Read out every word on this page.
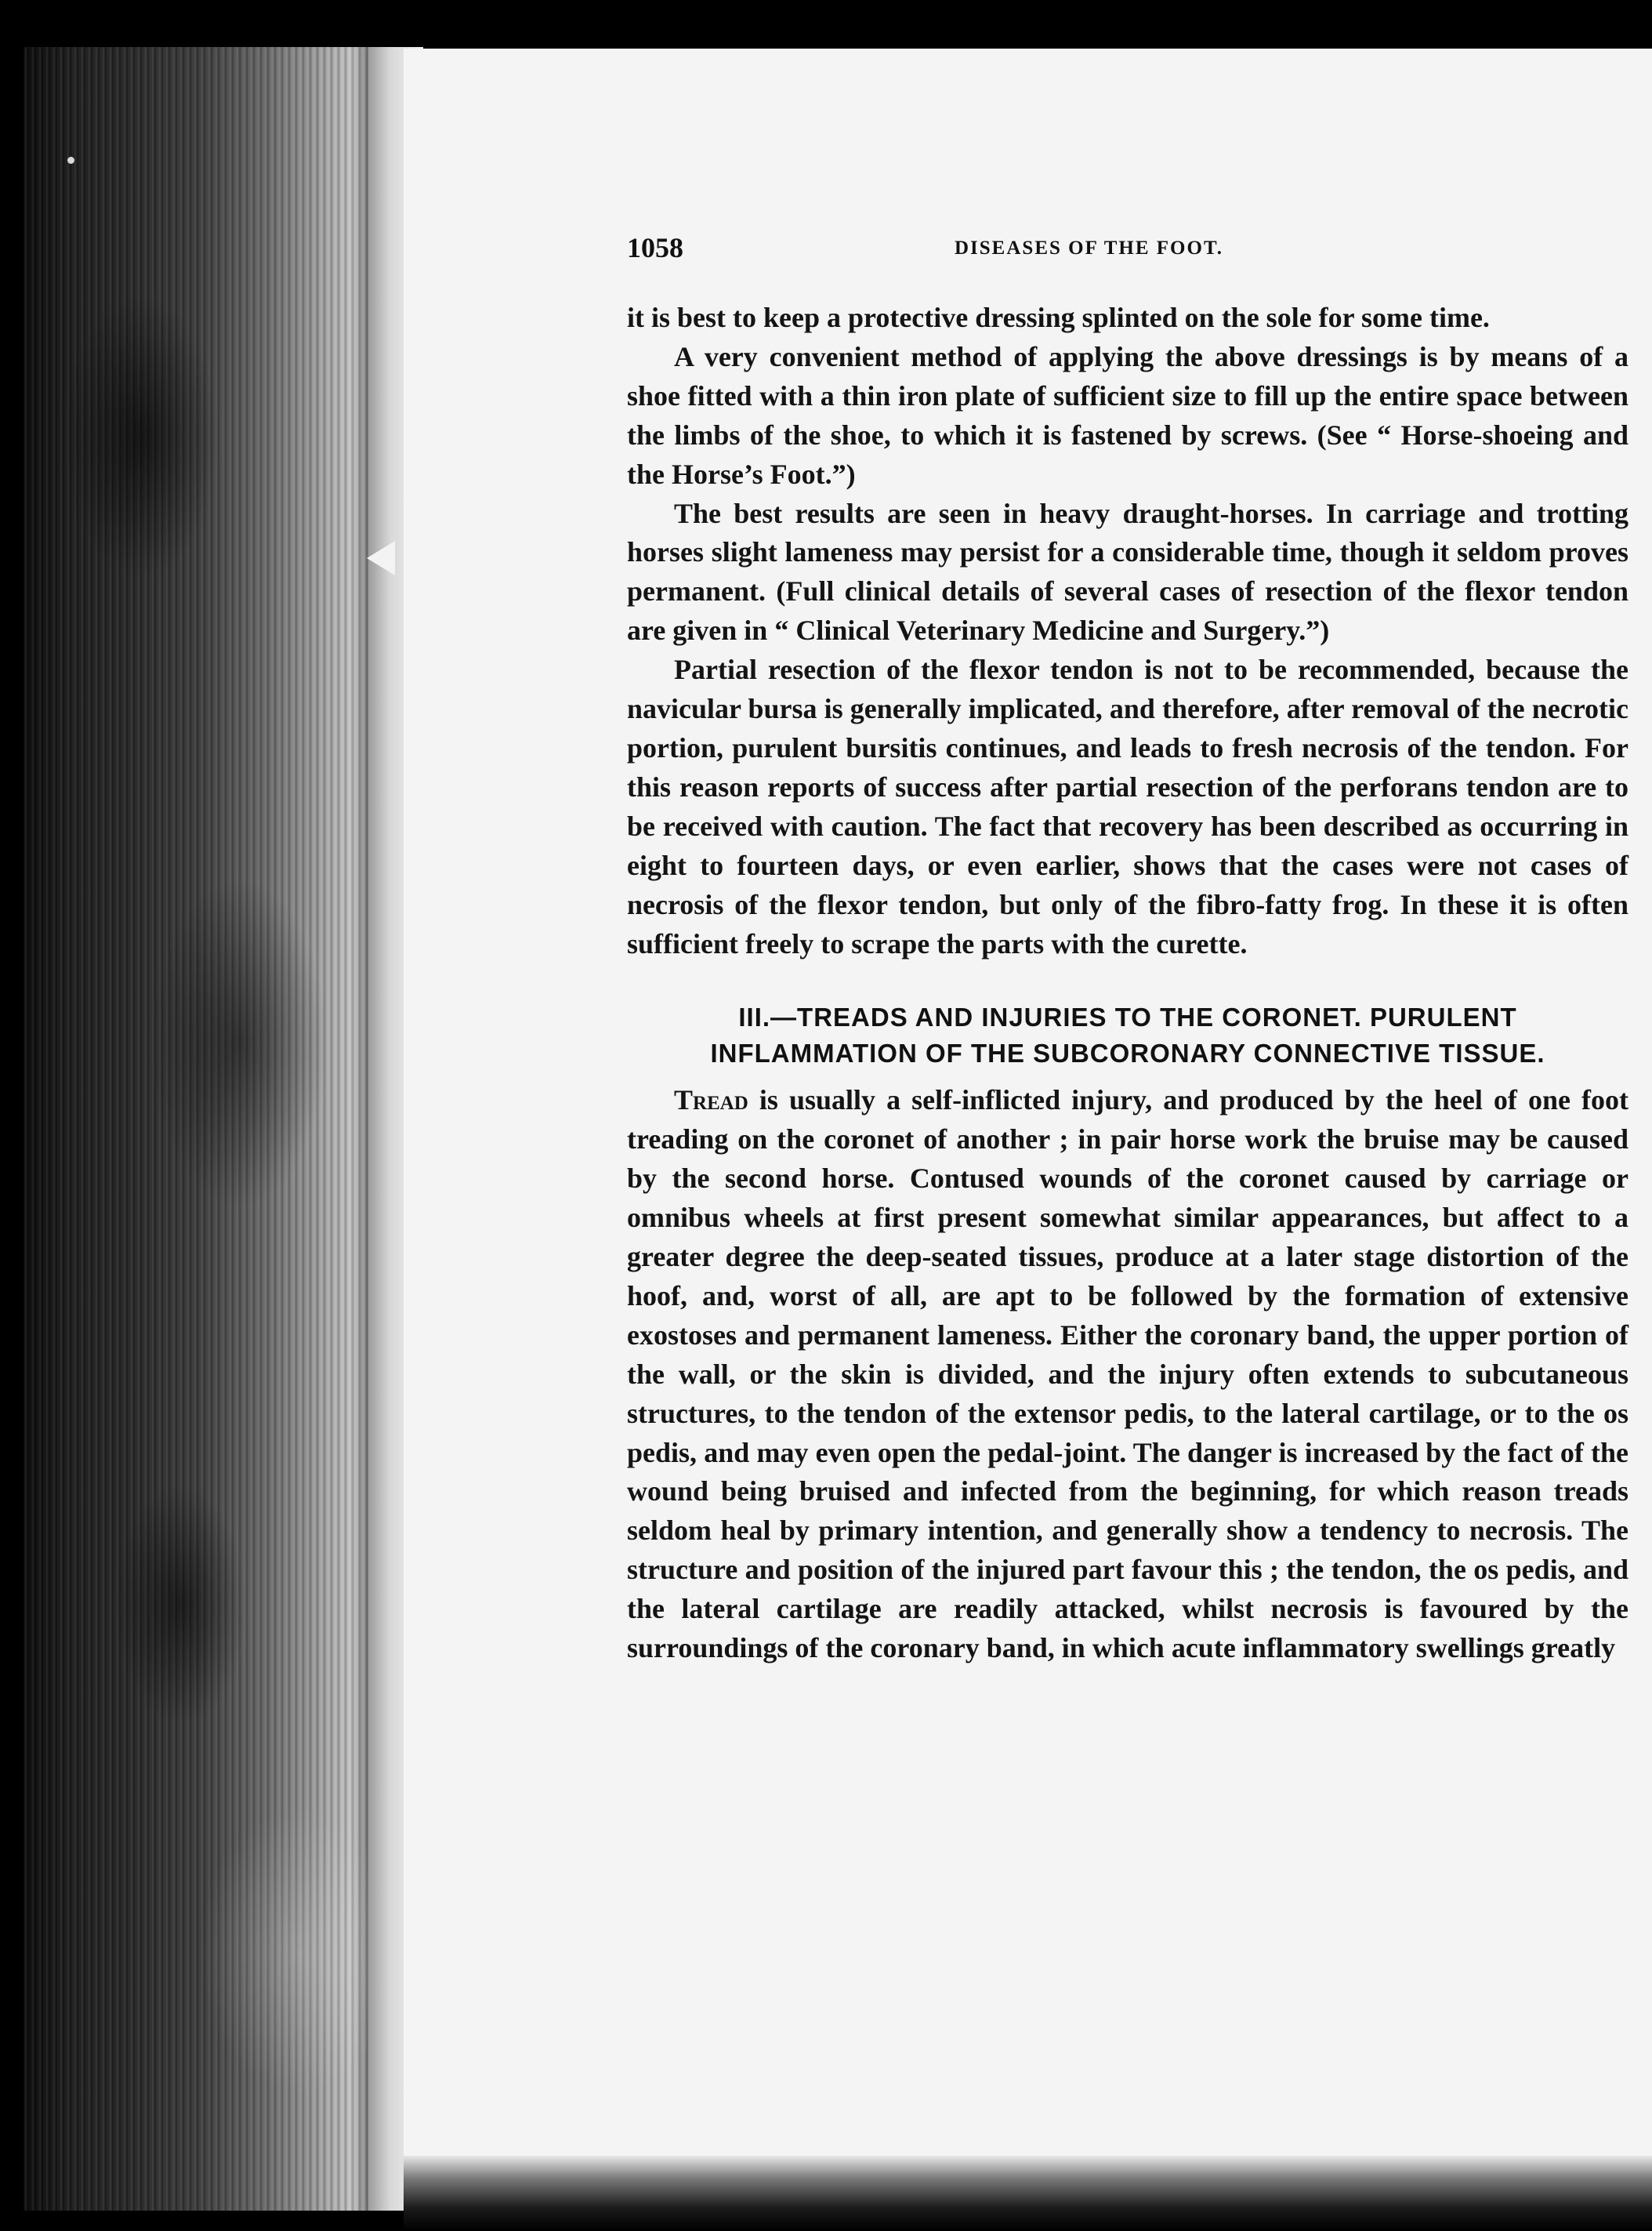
1058	DISEASES OF THE FOOT.

it is best to keep a protective dressing splinted on the sole for some time.

A very convenient method of applying the above dressings is by means of a shoe fitted with a thin iron plate of sufficient size to fill up the entire space between the limbs of the shoe, to which it is fastened by screws. (See “ Horse-shoeing and the Horse’s Foot.”)

The best results are seen in heavy draught-horses. In carriage and trotting horses slight lameness may persist for a considerable time, though it seldom proves permanent. (Full clinical details of several cases of resection of the flexor tendon are given in “ Clinical Veterinary Medicine and Surgery.”)

Partial resection of the flexor tendon is not to be recommended, because the navicular bursa is generally implicated, and therefore, after removal of the necrotic portion, purulent bursitis continues, and leads to fresh necrosis of the tendon. For this reason reports of success after partial resection of the perforans tendon are to be received with caution. The fact that recovery has been described as occurring in eight to fourteen days, or even earlier, shows that the cases were not cases of necrosis of the flexor tendon, but only of the fibro-fatty frog. In these it is often sufficient freely to scrape the parts with the curette.

III.—TREADS AND INJURIES TO THE CORONET. PURULENT
INFLAMMATION OF THE SUBCORONARY CONNECTIVE TISSUE.

Tread is usually a self-inflicted injury, and produced by the heel of one foot treading on the coronet of another ; in pair horse work the bruise may be caused by the second horse. Contused wounds of the coronet caused by carriage or omnibus wheels at first present somewhat similar appearances, but affect to a greater degree the deep-seated tissues, produce at a later stage distortion of the hoof, and, worst of all, are apt to be followed by the formation of extensive exostoses and permanent lameness. Either the coronary band, the upper portion of the wall, or the skin is divided, and the injury often extends to subcutaneous structures, to the tendon of the extensor pedis, to the lateral cartilage, or to the os pedis, and may even open the pedal-joint. The danger is increased by the fact of the wound being bruised and infected from the beginning, for which reason treads seldom heal by primary intention, and generally show a tendency to necrosis. The structure and position of the injured part favour this ; the tendon, the os pedis, and the lateral cartilage are readily attacked, whilst necrosis is favoured by the surroundings of the coronary band, in which acute inflammatory swellings greatly
